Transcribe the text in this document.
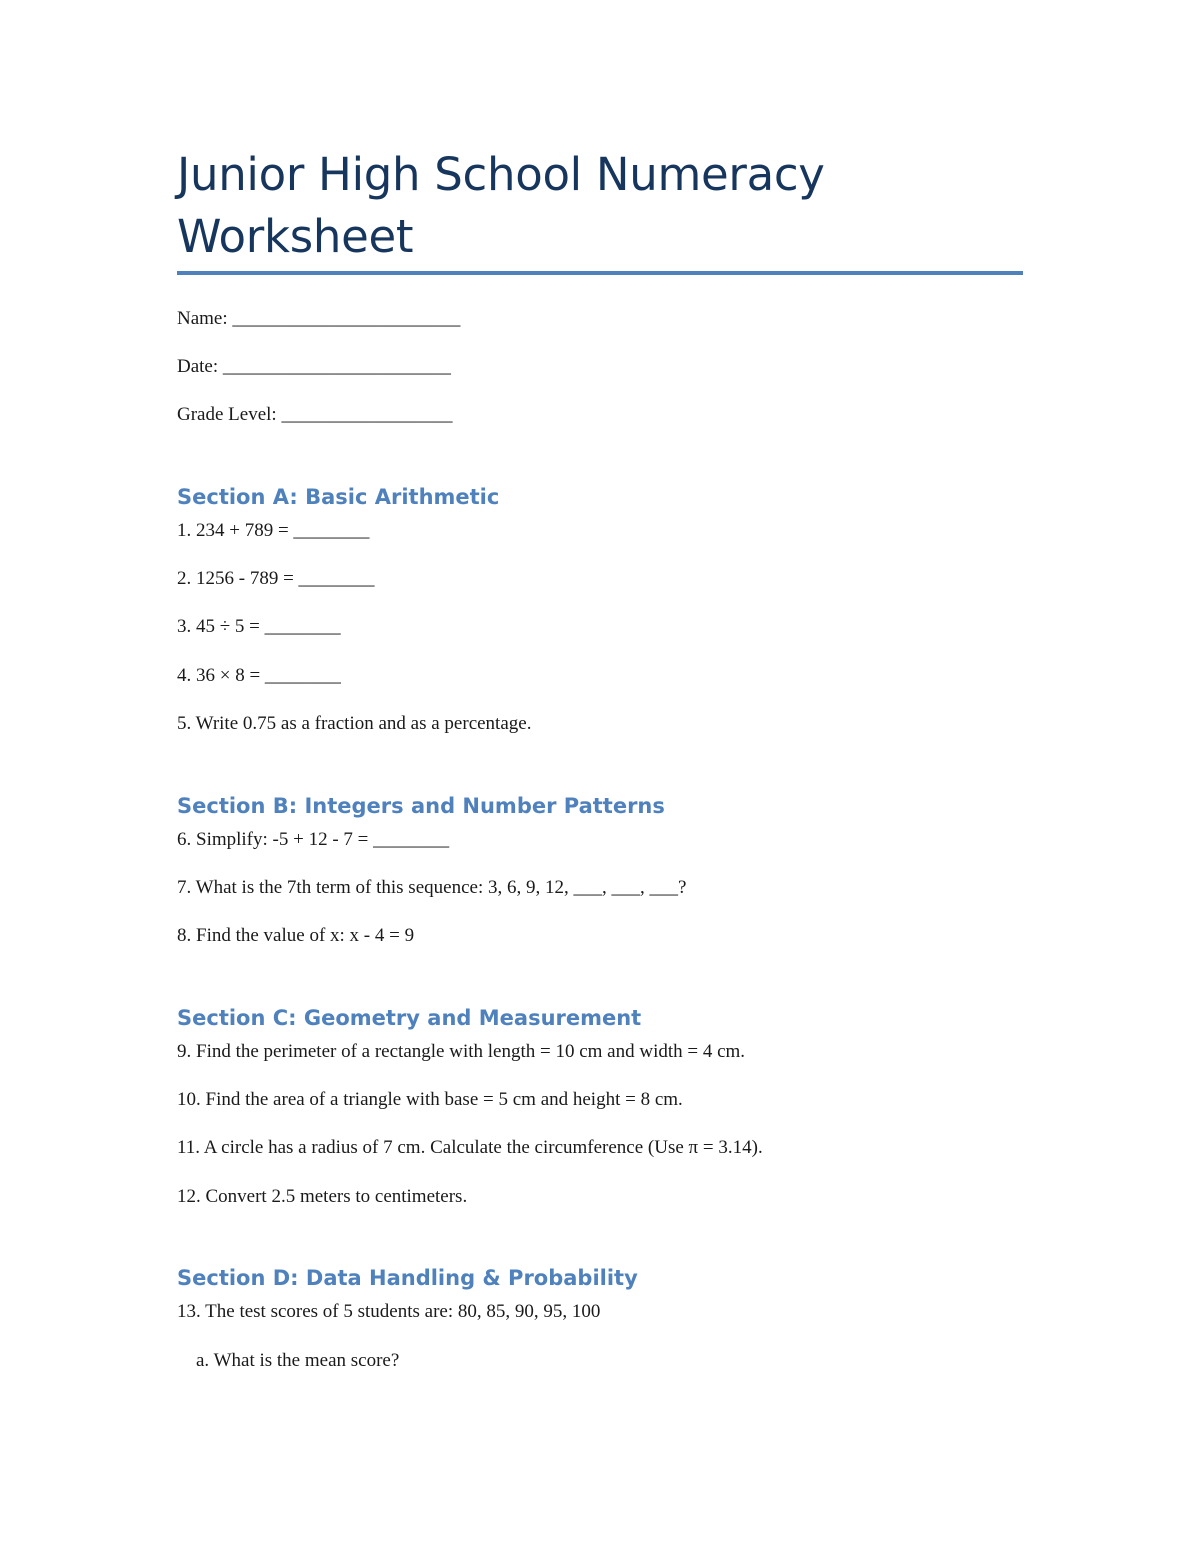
Junior High School Numeracy Worksheet

Name: ________________________

Date: ________________________

Grade Level: __________________

Section A: Basic Arithmetic

1. 234 + 789 = ________

2. 1256 - 789 = ________

3. 45 ÷ 5 = ________

4. 36 × 8 = ________

5. Write 0.75 as a fraction and as a percentage.

Section B: Integers and Number Patterns

6. Simplify: -5 + 12 - 7 = ________

7. What is the 7th term of this sequence: 3, 6, 9, 12, ___, ___, ___?

8. Find the value of x: x - 4 = 9

Section C: Geometry and Measurement

9. Find the perimeter of a rectangle with length = 10 cm and width = 4 cm.

10. Find the area of a triangle with base = 5 cm and height = 8 cm.

11. A circle has a radius of 7 cm. Calculate the circumference (Use π = 3.14).

12. Convert 2.5 meters to centimeters.

Section D: Data Handling & Probability

13. The test scores of 5 students are: 80, 85, 90, 95, 100

a. What is the mean score?
